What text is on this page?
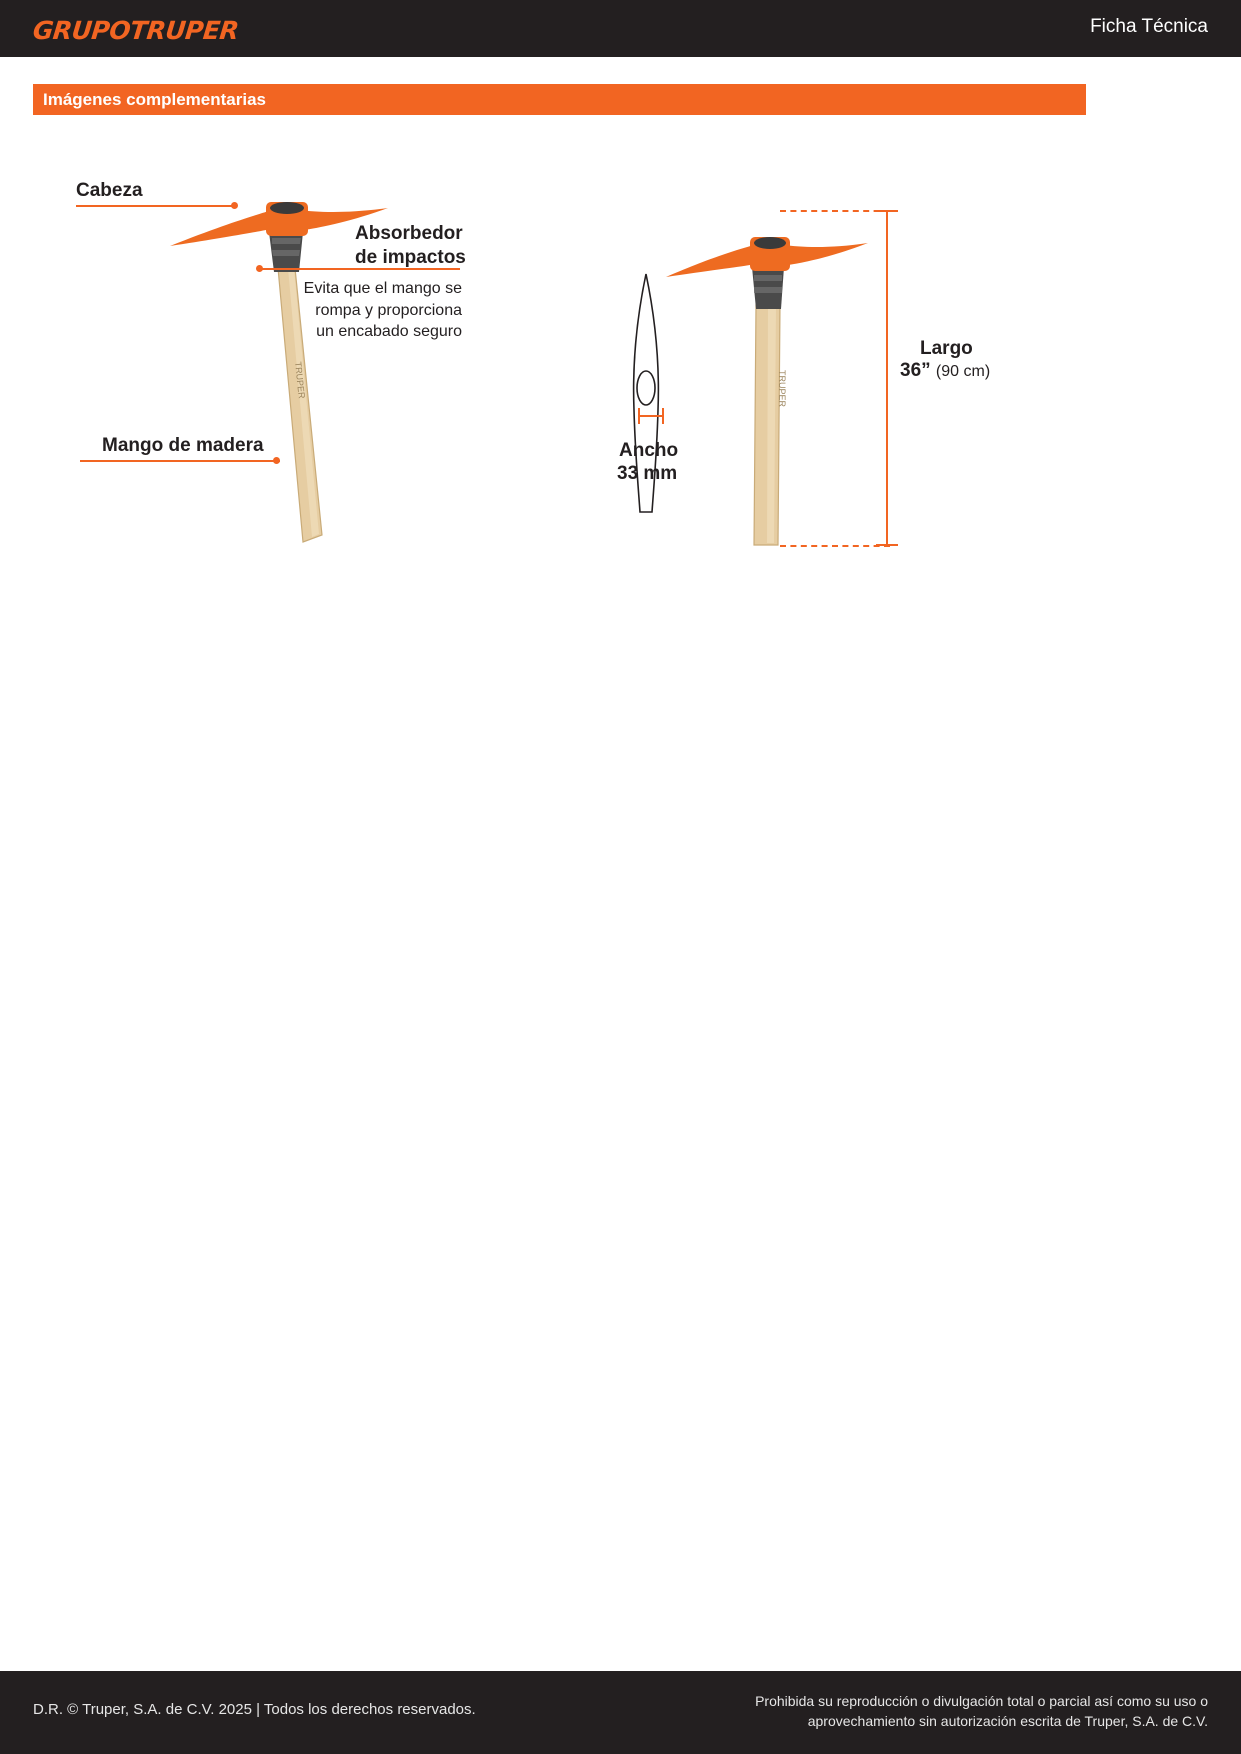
GRUPOTRUPER	Ficha Técnica
Imágenes complementarias
TRUPER
Cabeza
Absorbedor
de impactos
Evita que el mango se
rompa y proporciona
un encabado seguro
Mango de madera	Ancho
33 mm
TRUPER
Largo
36” (90 cm)
D.R. © Truper, S.A. de C.V. 2025 | Todos los derechos reservados.	Prohibida su reproducción o divulgación total o parcial así como su uso o
aprovechamiento sin autorización escrita de Truper, S.A. de C.V.
